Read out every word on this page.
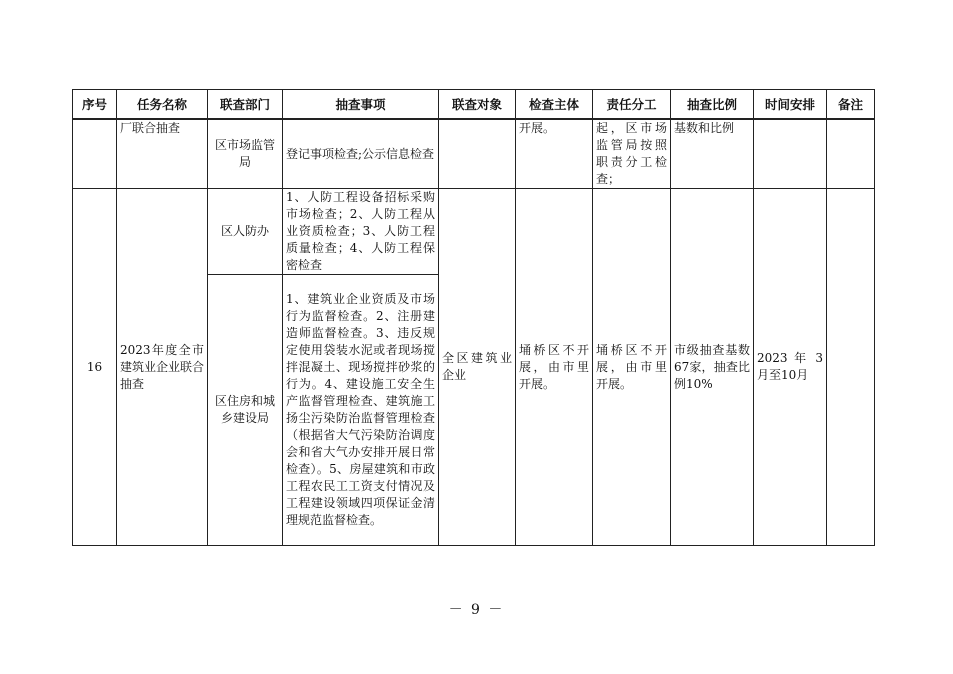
序号	任务名称	联查部门	抽查事项	联查对象	检查主体	责任分工	抽查比例	时间安排	备注
	厂联合抽查	区市场监管局	登记事项检查;公示信息检查		开展。	起，区市场监管局按照职责分工检查；	基数和比例		
16	2023年度全市建筑业企业联合抽查	区人防办	1、人防工程设备招标采购市场检查；2、人防工程从业资质检查；3、人防工程质量检查；4、人防工程保密检查	全区建筑业企业	埇桥区不开展，由市里开展。	埇桥区不开展，由市里开展。	市级抽查基数67家，抽查比例10%	2023 年 3月至10月	
		区住房和城乡建设局	1、建筑业企业资质及市场行为监督检查。2、注册建造师监督检查。3、违反规定使用袋装水泥或者现场搅拌混凝土、现场搅拌砂浆的行为。4、建设施工安全生产监督管理检查、建筑施工扬尘污染防治监督管理检查（根据省大气污染防治调度会和省大气办安排开展日常检查）。5、房屋建筑和市政工程农民工工资支付情况及工程建设领域四项保证金清理规范监督检查。						
－ 9 －
